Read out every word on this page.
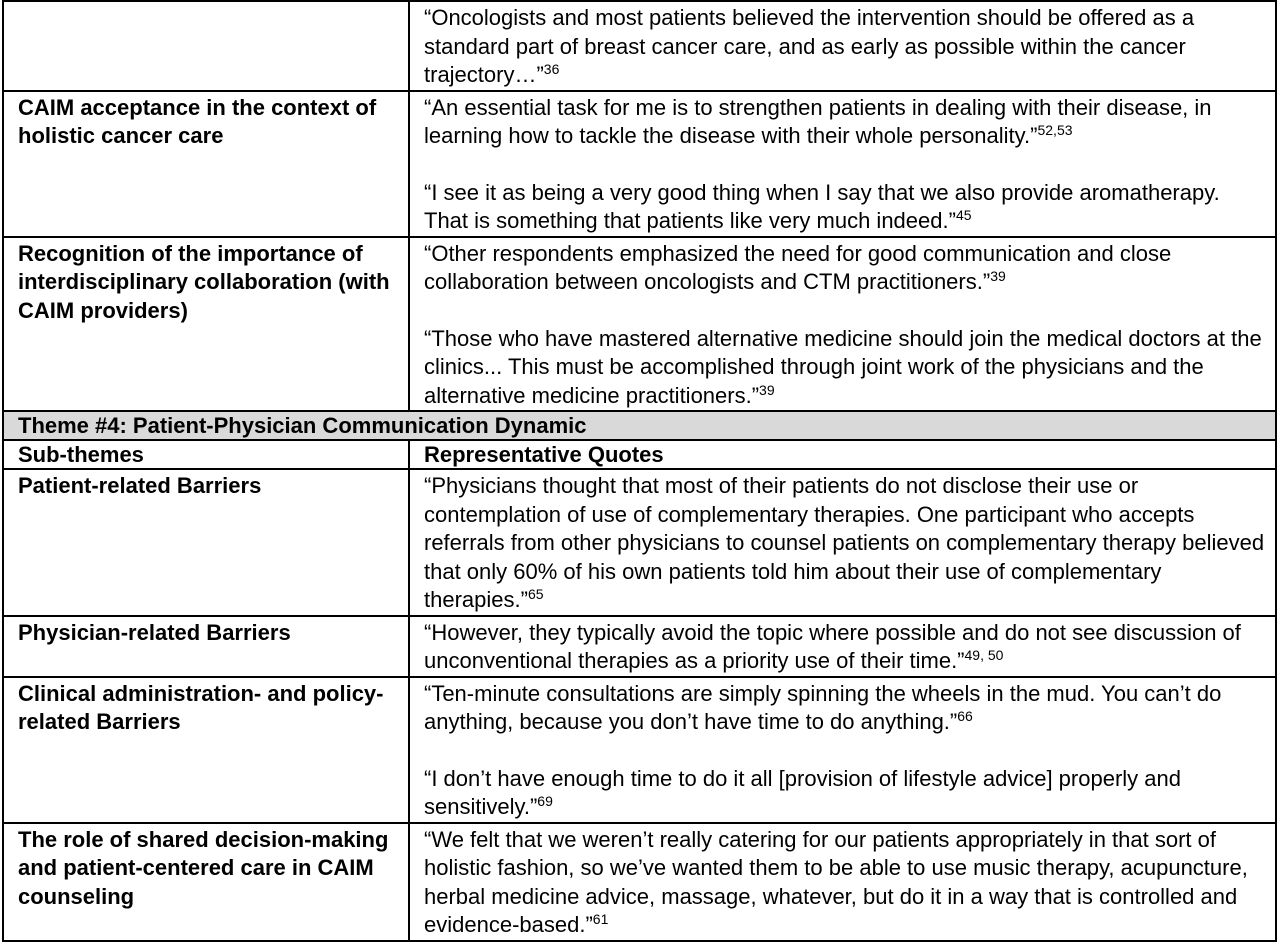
	“Oncologists and most patients believed the intervention should be offered as a standard part of breast cancer care, and as early as possible within the cancer trajectory…”$^{36}$

CAIM acceptance in the context of holistic cancer care	“An essential task for me is to strengthen patients in dealing with their disease, in learning how to tackle the disease with their whole personality.”$^{52,53}$
“I see it as being a very good thing when I say that we also provide aromatherapy. That is something that patients like very much indeed.”$^{45}$

Recognition of the importance of interdisciplinary collaboration (with CAIM providers)	“Other respondents emphasized the need for good communication and close collaboration between oncologists and CTM practitioners.”$^{39}$
“Those who have mastered alternative medicine should join the medical doctors at the clinics... This must be accomplished through joint work of the physicians and the alternative medicine practitioners.”$^{39}$

Theme #4: Patient-Physician Communication Dynamic	
Sub-themes	Representative Quotes
Patient-related Barriers	“Physicians thought that most of their patients do not disclose their use or contemplation of use of complementary therapies. One participant who accepts referrals from other physicians to counsel patients on complementary therapy believed that only 60% of his own patients told him about their use of complementary therapies.”$^{65}$

Physician-related Barriers	“However, they typically avoid the topic where possible and do not see discussion of unconventional therapies as a priority use of their time.”$^{49, 50}$

Clinical administration- and policy-related Barriers	“Ten-minute consultations are simply spinning the wheels in the mud. You can’t do anything, because you don’t have time to do anything.”$^{66}$
“I don’t have enough time to do it all [provision of lifestyle advice] properly and sensitively.”$^{69}$

The role of shared decision-making and patient-centered care in CAIM counseling	“We felt that we weren’t really catering for our patients appropriately in that sort of holistic fashion, so we’ve wanted them to be able to use music therapy, acupuncture, herbal medicine advice, massage, whatever, but do it in a way that is controlled and evidence-based.”$^{61}$
